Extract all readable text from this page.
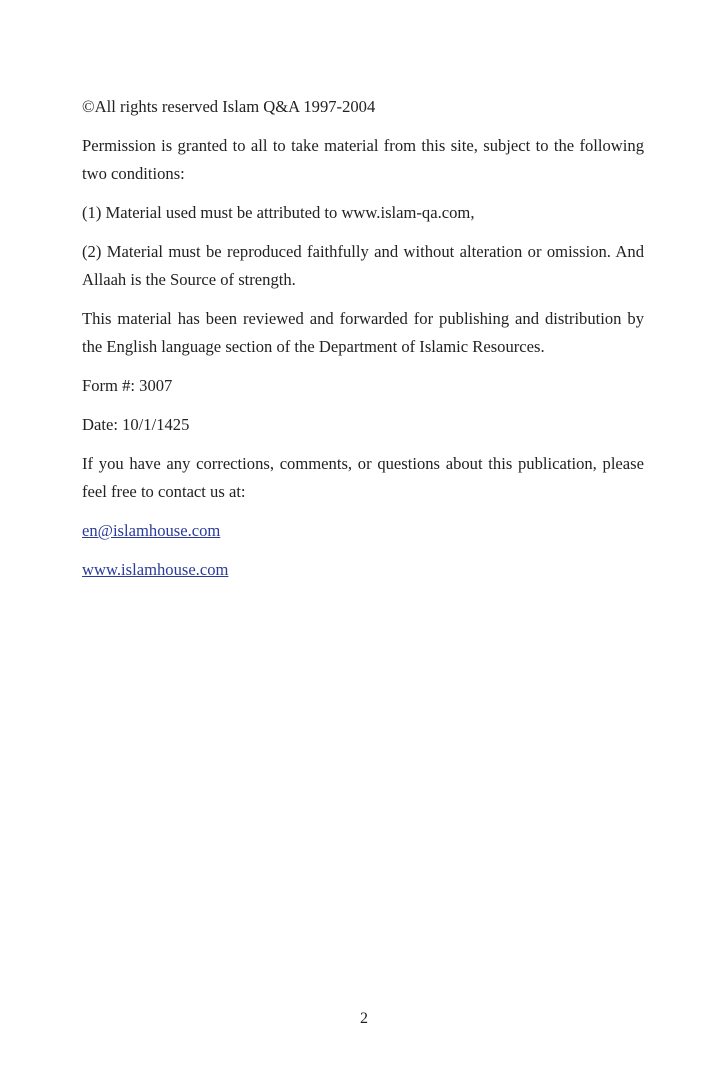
©All rights reserved Islam Q&A 1997-2004

Permission is granted to all to take material from this site, subject to the following two conditions:

(1) Material used must be attributed to www.islam-qa.com,

(2) Material must be reproduced faithfully and without alteration or omission. And Allaah is the Source of strength.

This material has been reviewed and forwarded for publishing and distribution by the English language section of the Department of Islamic Resources.

Form #: 3007

Date: 10/1/1425

If you have any corrections, comments, or questions about this publication, please feel free to contact us at:

en@islamhouse.com

www.islamhouse.com

2
